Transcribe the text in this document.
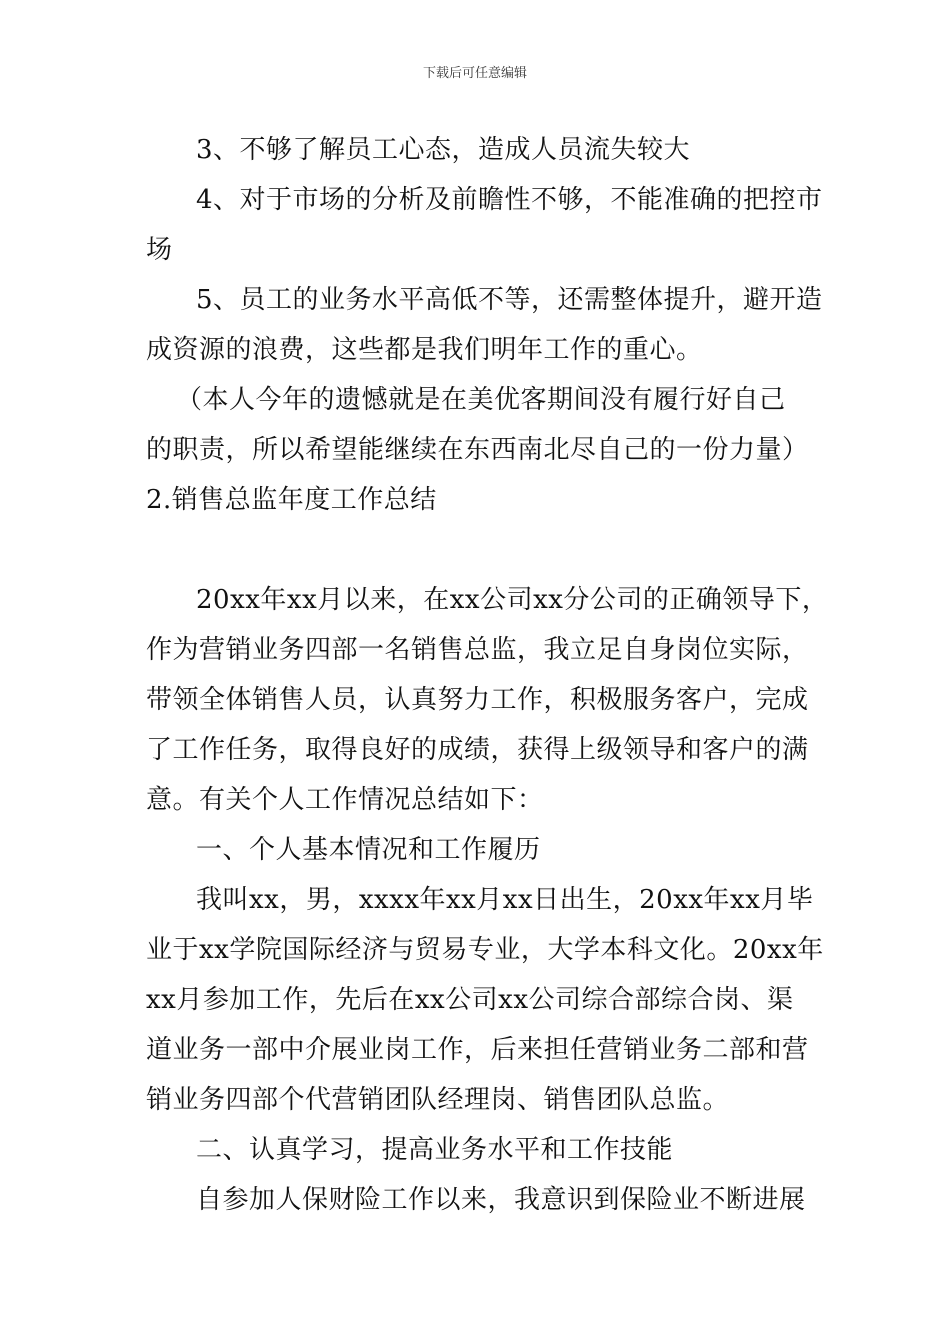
下载后可任意编辑
3、不够了解员工心态，造成人员流失较大
4、对于市场的分析及前瞻性不够，不能准确的把控市
场
5、员工的业务水平高低不等，还需整体提升，避开造
成资源的浪费，这些都是我们明年工作的重心。
（本人今年的遗憾就是在美优客期间没有履行好自己
的职责，所以希望能继续在东西南北尽自己的一份力量）
2.销售总监年度工作总结
20xx年xx月以来，在xx公司xx分公司的正确领导下，
作为营销业务四部一名销售总监，我立足自身岗位实际，
带领全体销售人员，认真努力工作，积极服务客户，完成
了工作任务，取得良好的成绩，获得上级领导和客户的满
意。有关个人工作情况总结如下：
一、个人基本情况和工作履历
我叫xx，男，xxxx年xx月xx日出生，20xx年xx月毕
业于xx学院国际经济与贸易专业，大学本科文化。20xx年
xx月参加工作，先后在xx公司xx公司综合部综合岗、渠
道业务一部中介展业岗工作，后来担任营销业务二部和营
销业务四部个代营销团队经理岗、销售团队总监。
二、认真学习，提高业务水平和工作技能
自参加人保财险工作以来，我意识到保险业不断进展
